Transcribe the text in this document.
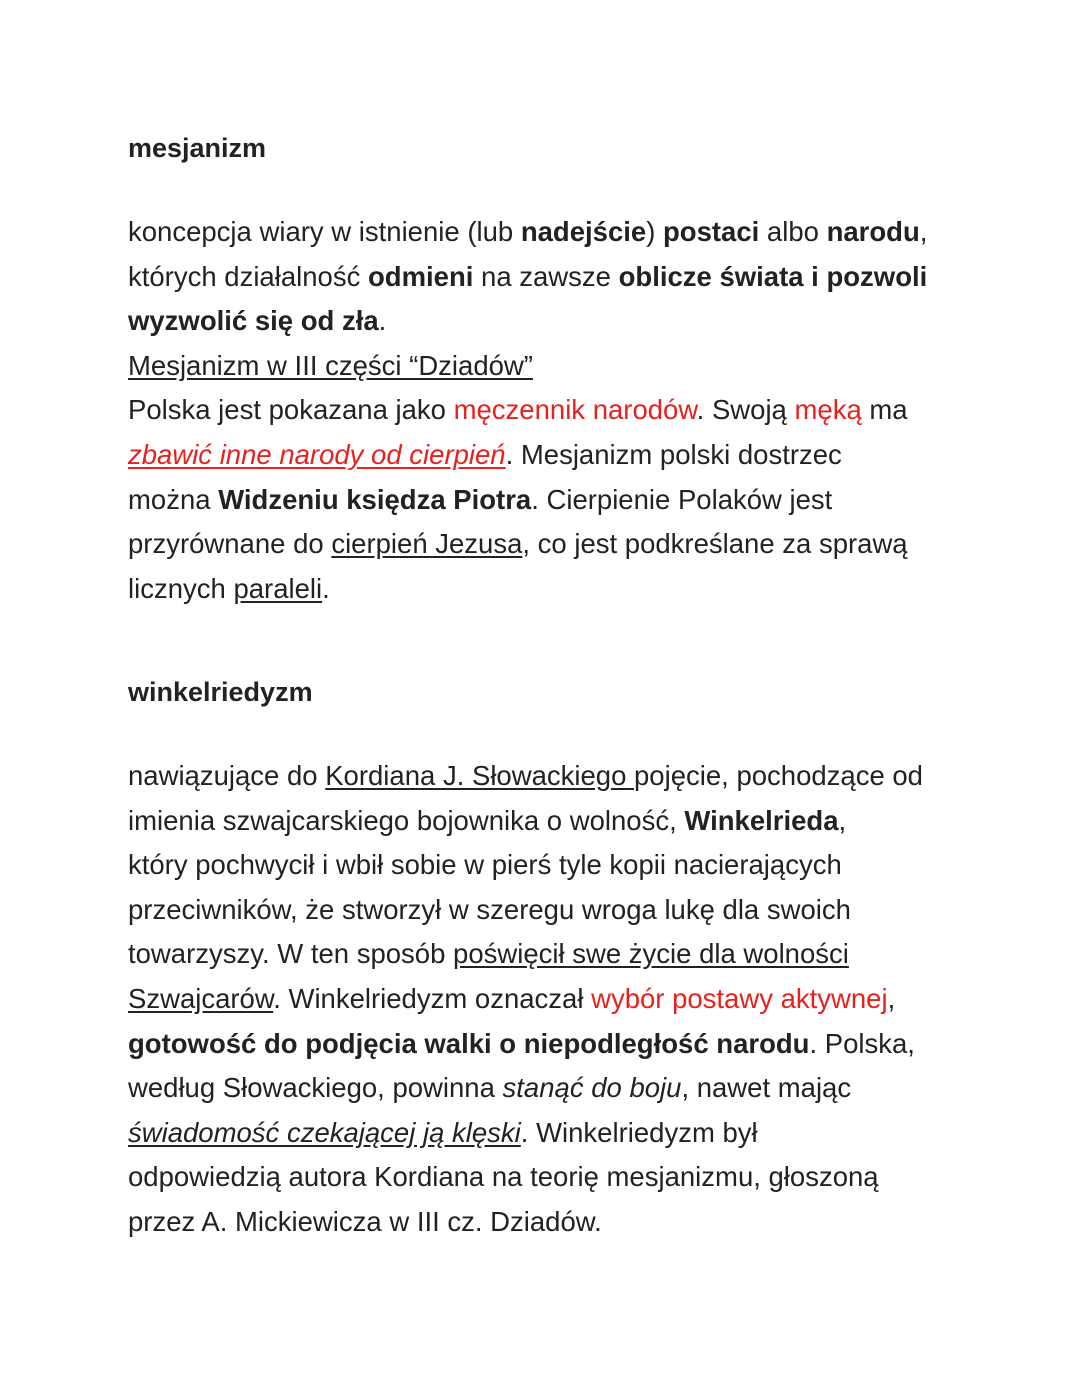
mesjanizm
koncepcja wiary w istnienie (lub nadejście) postaci albo narodu,
których działalność odmieni na zawsze oblicze świata i pozwoli
wyzwolić się od zła.
Mesjanizm w III części “Dziadów”
Polska jest pokazana jako męczennik narodów. Swoją męką ma
zbawić inne narody od cierpień. Mesjanizm polski dostrzec
można Widzeniu księdza Piotra. Cierpienie Polaków jest
przyrównane do cierpień Jezusa, co jest podkreślane za sprawą
licznych paraleli.
winkelriedyzm
nawiązujące do Kordiana J. Słowackiego pojęcie, pochodzące od
imienia szwajcarskiego bojownika o wolność, Winkelrieda,
który pochwycił i wbił sobie w pierś tyle kopii nacierających
przeciwników, że stworzył w szeregu wroga lukę dla swoich
towarzyszy. W ten sposób poświęcił swe życie dla wolności
Szwajcarów. Winkelriedyzm oznaczał wybór postawy aktywnej,
gotowość do podjęcia walki o niepodległość narodu. Polska,
według Słowackiego, powinna stanąć do boju, nawet mając
świadomość czekającej ją klęski. Winkelriedyzm był
odpowiedzią autora Kordiana na teorię mesjanizmu, głoszoną
przez A. Mickiewicza w III cz. Dziadów.
